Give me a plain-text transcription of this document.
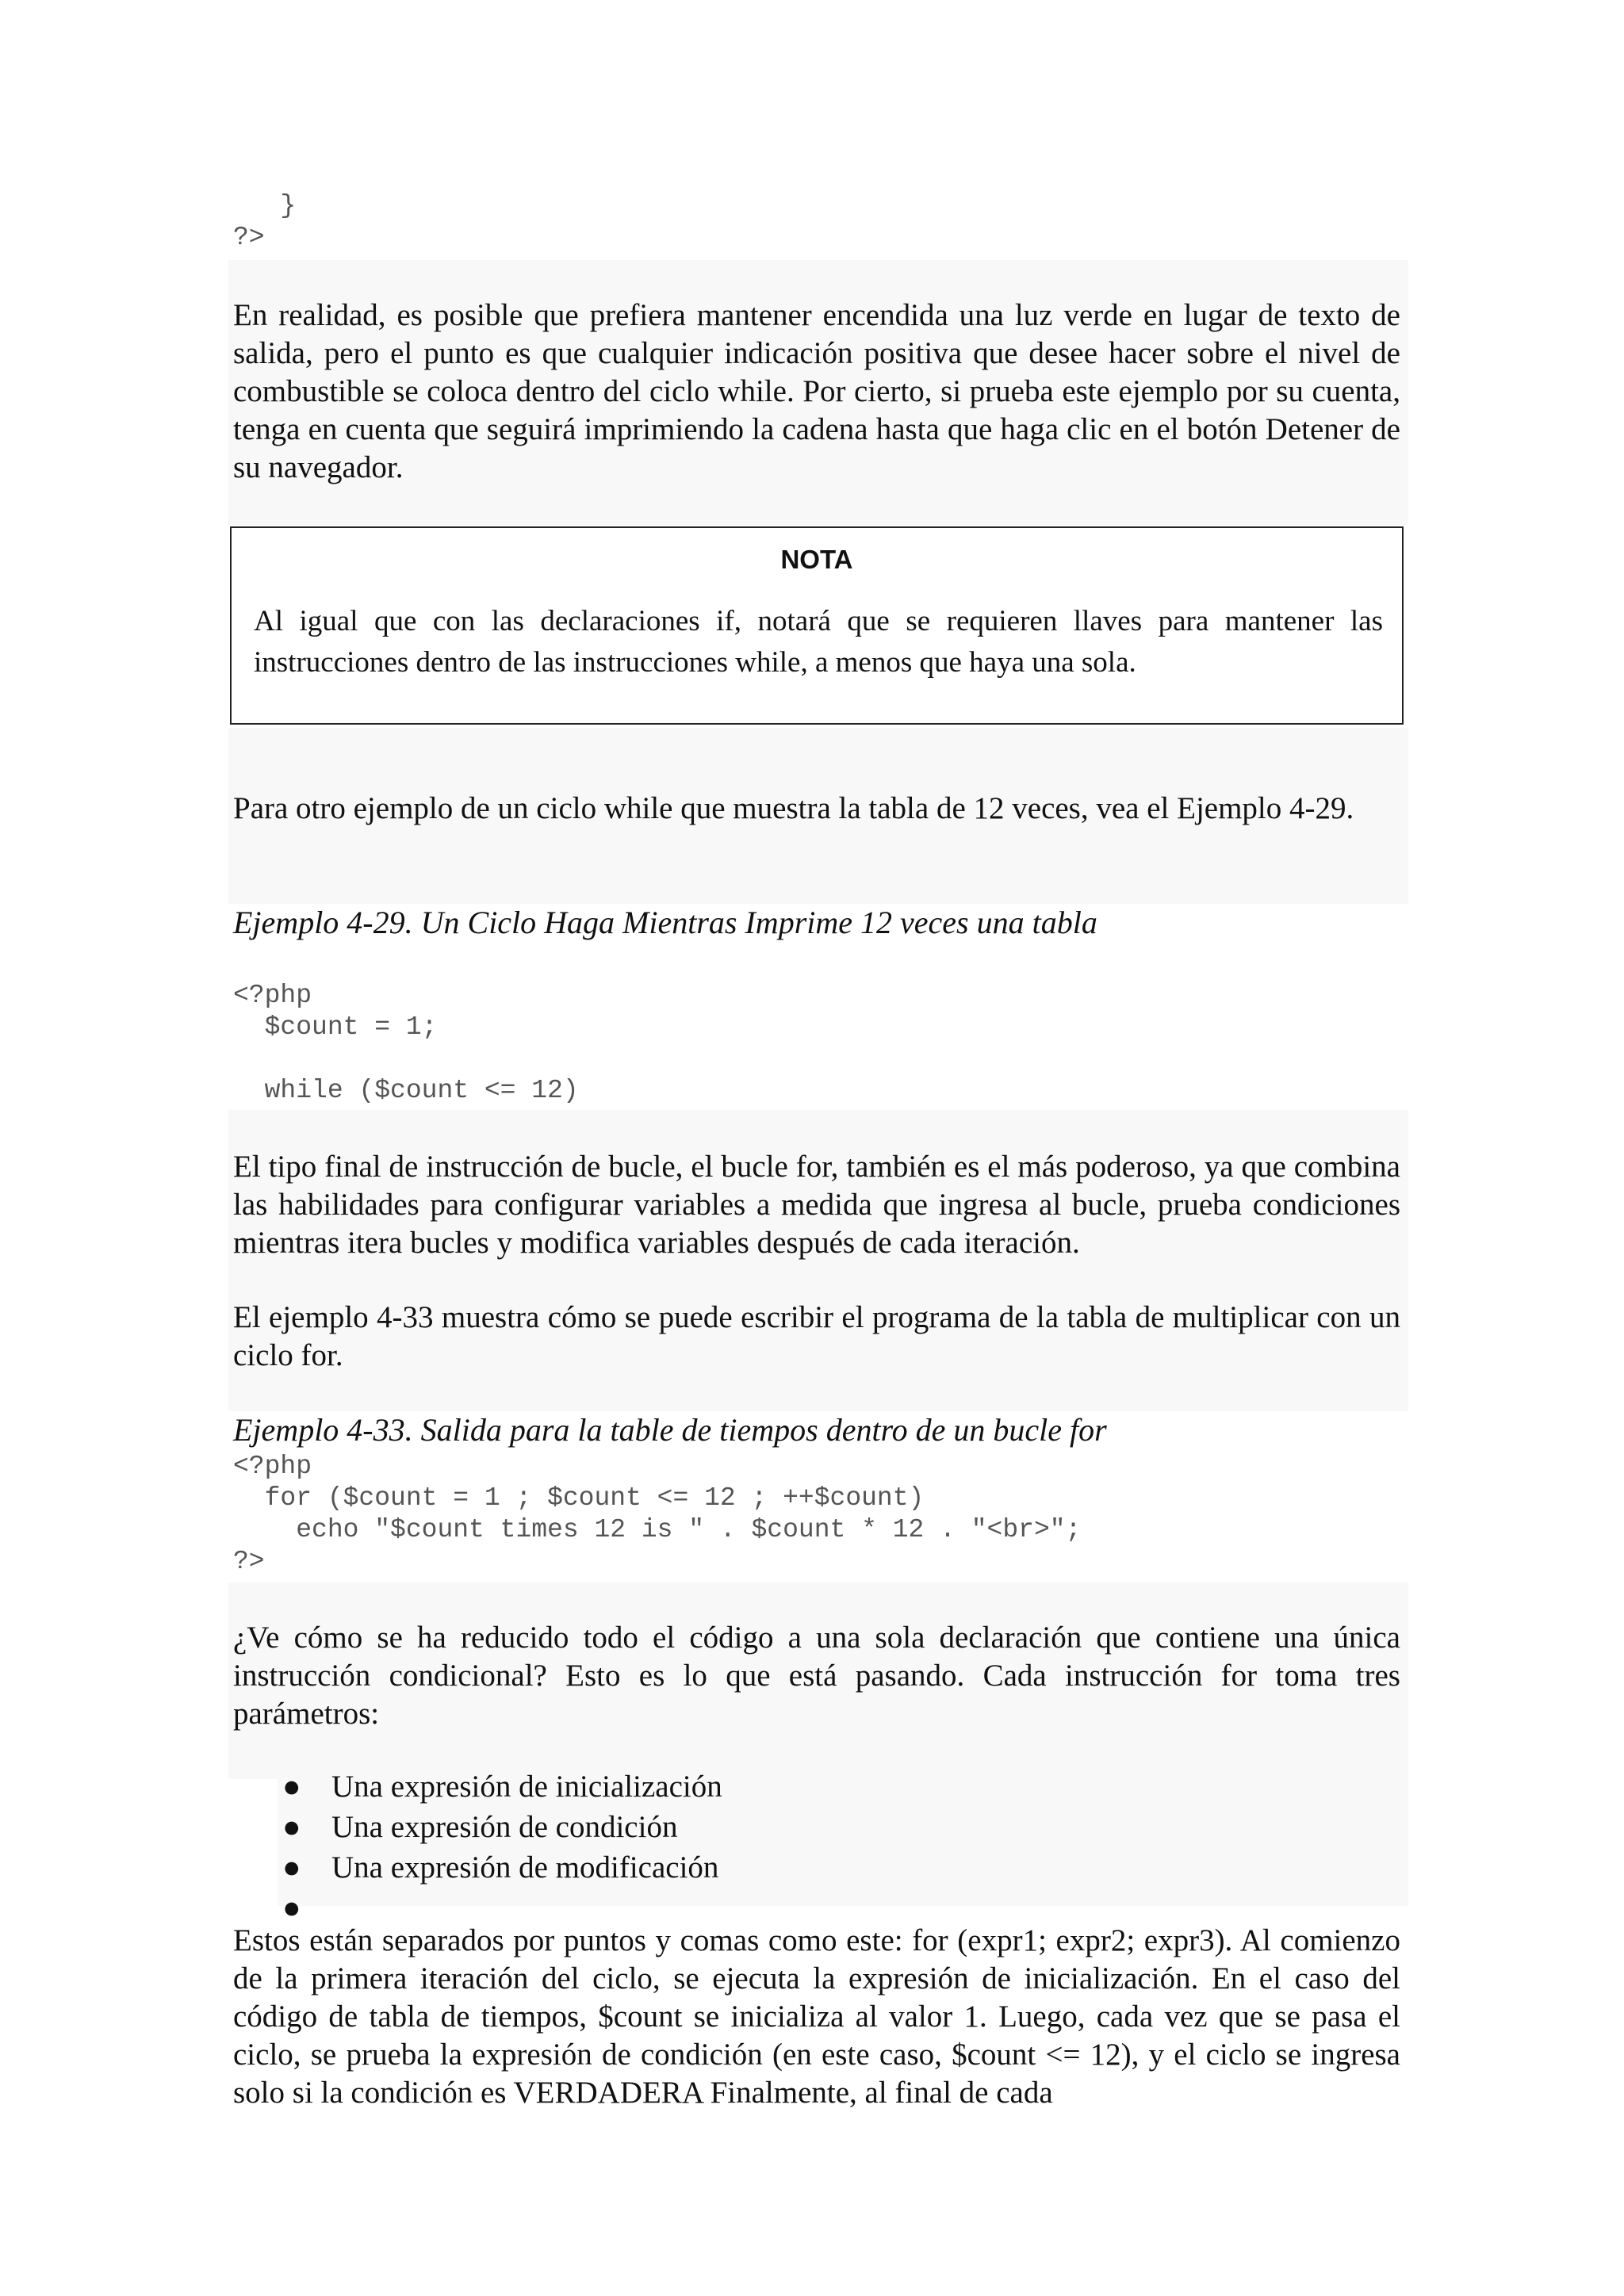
}
?>

En realidad, es posible que prefiera mantener encendida una luz verde en lugar de texto de salida, pero el punto es que cualquier indicación positiva que desee hacer sobre el nivel de combustible se coloca dentro del ciclo while. Por cierto, si prueba este ejemplo por su cuenta, tenga en cuenta que seguirá imprimiendo la cadena hasta que haga clic en el botón Detener de su navegador.

NOTA

Al igual que con las declaraciones if, notará que se requieren llaves para mantener las instrucciones dentro de las instrucciones while, a menos que haya una sola.

Para otro ejemplo de un ciclo while que muestra la tabla de 12 veces, vea el Ejemplo 4-29.

Ejemplo 4-29. Un Ciclo Haga Mientras Imprime 12 veces una tabla

<?php
$count = 1;

while ($count <= 12)

El tipo final de instrucción de bucle, el bucle for, también es el más poderoso, ya que combina las habilidades para configurar variables a medida que ingresa al bucle, prueba condiciones mientras itera bucles y modifica variables después de cada iteración.

El ejemplo 4-33 muestra cómo se puede escribir el programa de la tabla de multiplicar con un ciclo for.

Ejemplo 4-33. Salida para la table de tiempos dentro de un bucle for

<?php
for ($count = 1 ; $count <= 12 ; ++$count)
echo "$count times 12 is " . $count * 12 . "<br>";
?>

¿Ve cómo se ha reducido todo el código a una sola declaración que contiene una única instrucción condicional? Esto es lo que está pasando. Cada instrucción for toma tres parámetros:

● Una expresión de inicialización
● Una expresión de condición
● Una expresión de modificación
●

Estos están separados por puntos y comas como este: for (expr1; expr2; expr3). Al comienzo de la primera iteración del ciclo, se ejecuta la expresión de inicialización. En el caso del código de tabla de tiempos, $count se inicializa al valor 1. Luego, cada vez que se pasa el ciclo, se prueba la expresión de condición (en este caso, $count <= 12), y el ciclo se ingresa solo si la condición es VERDADERA Finalmente, al final de cada
